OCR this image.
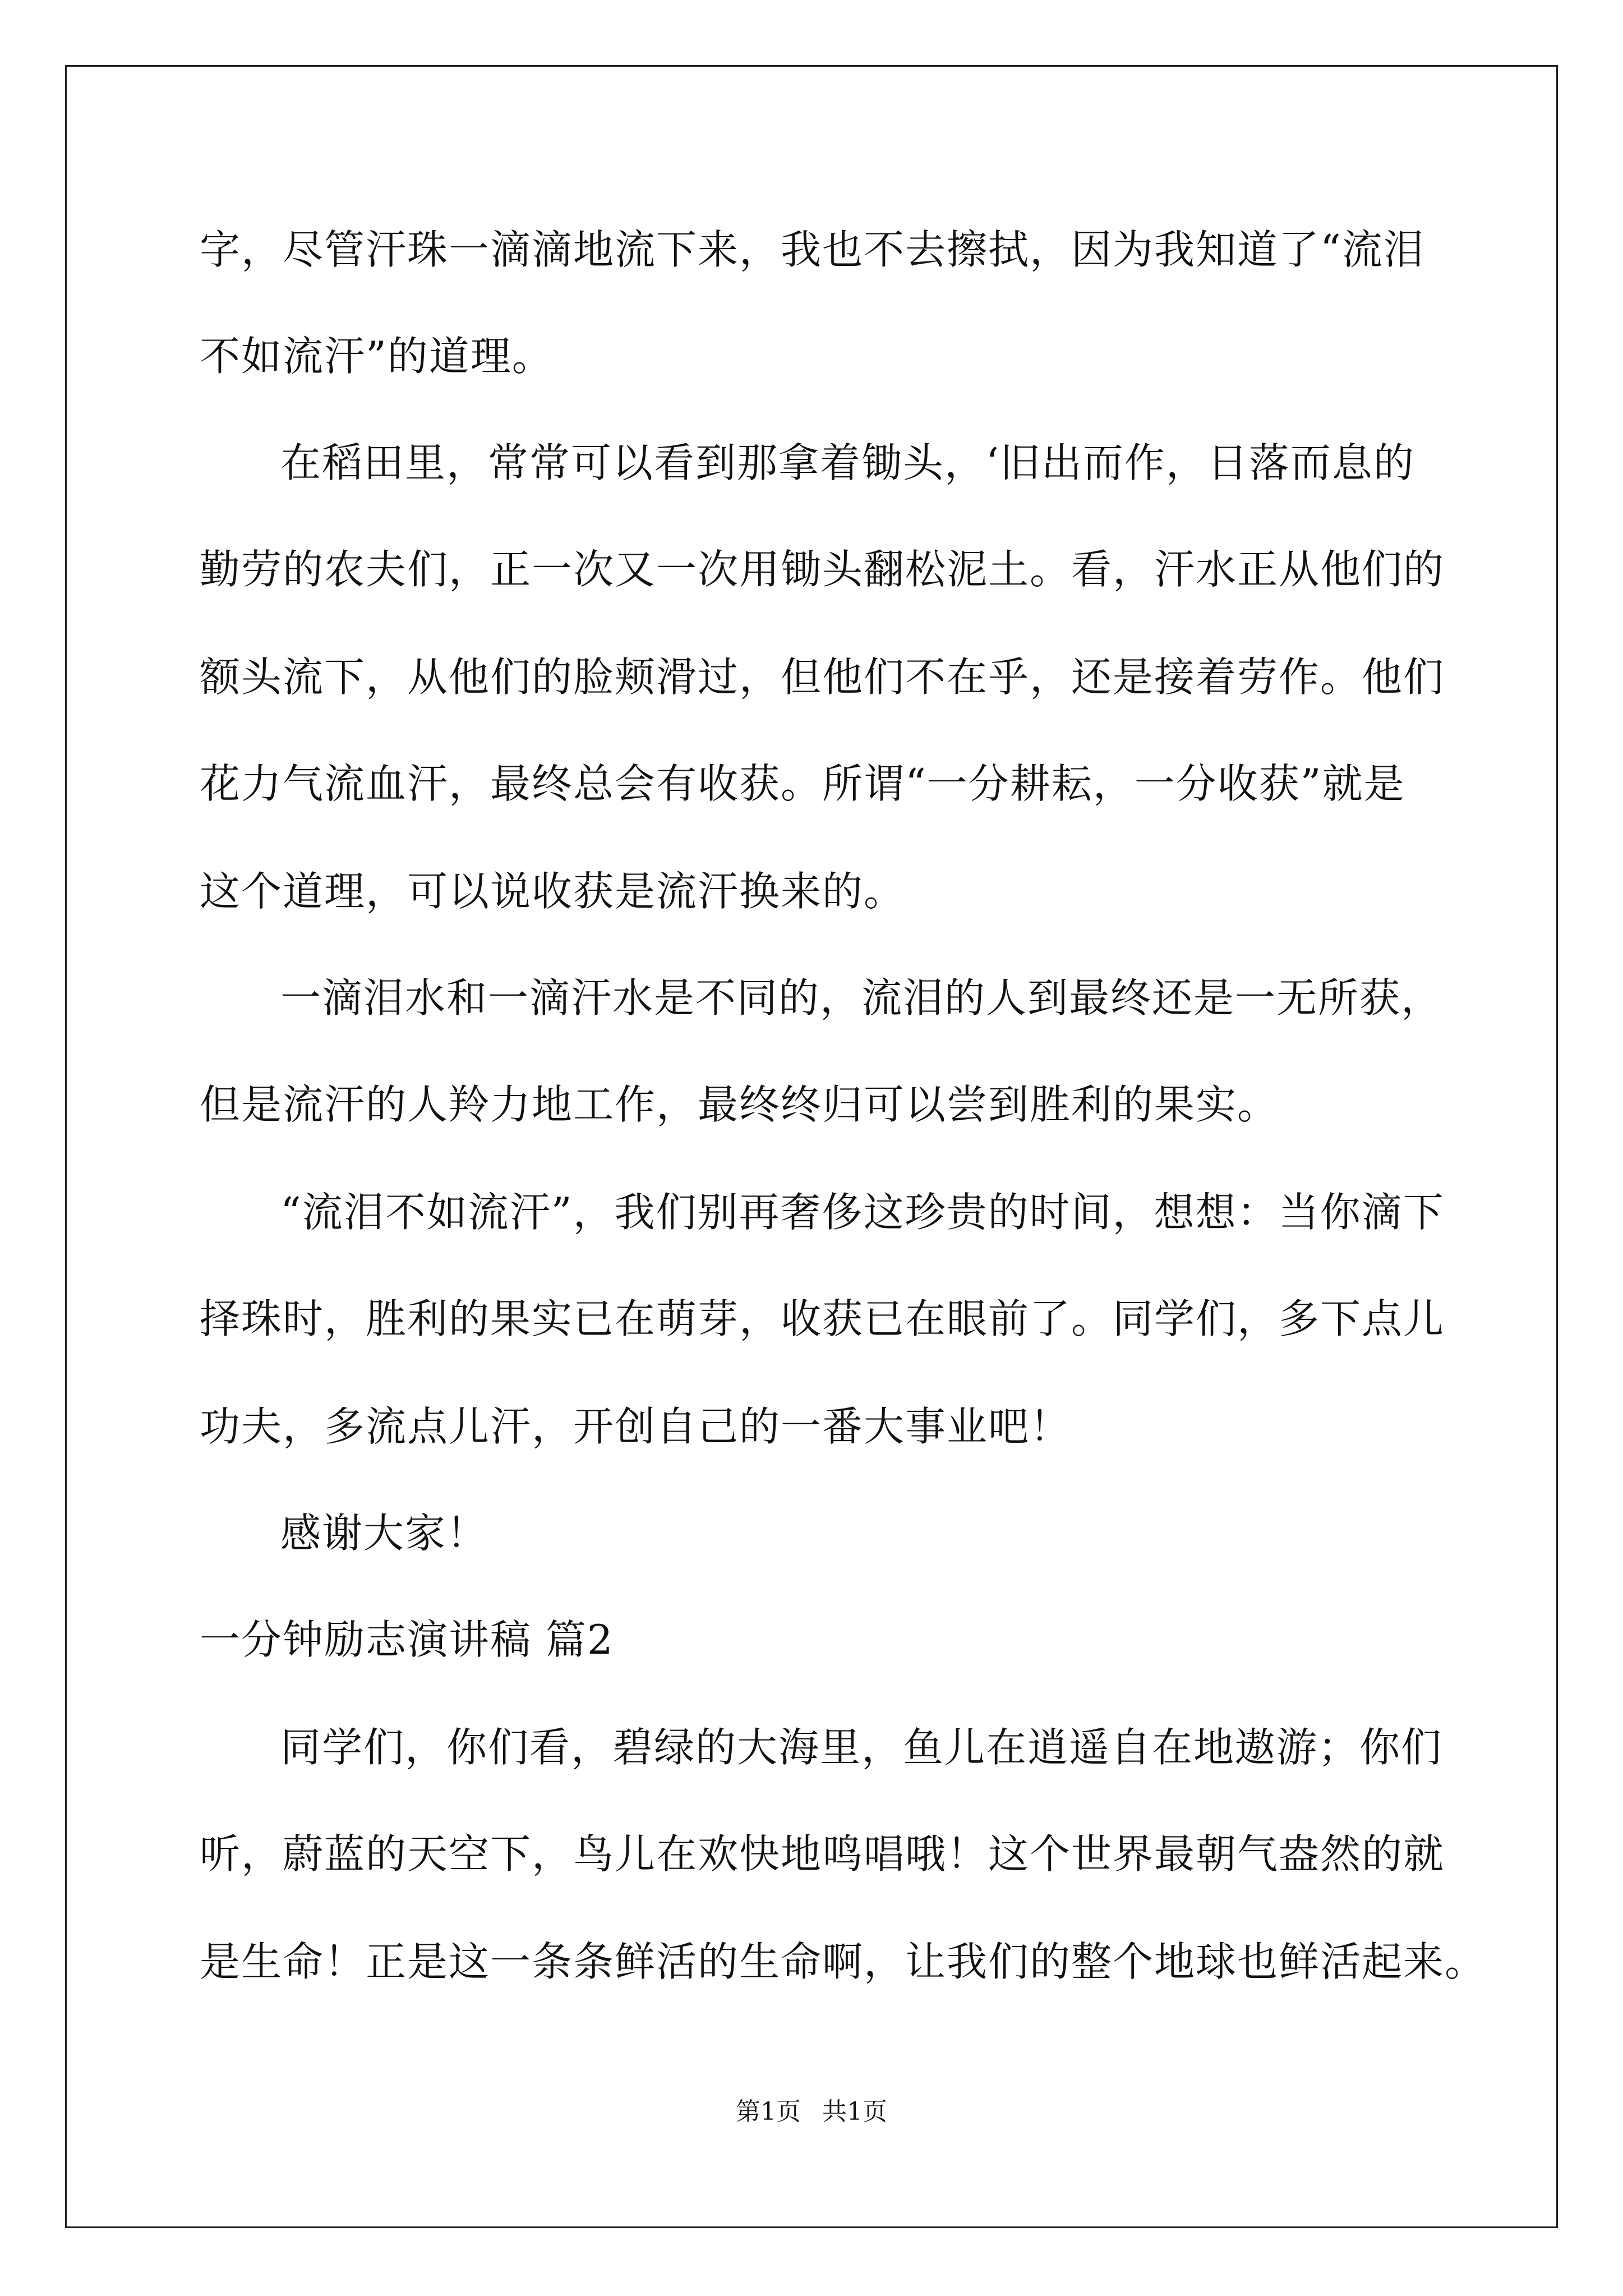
字，尽管汗珠一滴滴地流下来，我也不去擦拭，因为我知道了“流泪
不如流汗”的道理。
在稻田里，常常可以看到那拿着锄头，‘旧出而作，日落而息的
勤劳的农夫们，正一次又一次用锄头翻松泥土。看，汗水正从他们的
额头流下，从他们的脸颊滑过，但他们不在乎，还是接着劳作。他们
花力气流血汗，最终总会有收获。所谓“一分耕耘，一分收获”就是
这个道理，可以说收获是流汗换来的。
一滴泪水和一滴汗水是不同的，流泪的人到最终还是一无所获，
但是流汗的人羚力地工作，最终终归可以尝到胜利的果实。
“流泪不如流汗”，我们别再奢侈这珍贵的时间，想想：当你滴下
择珠时，胜利的果实已在萌芽，收获已在眼前了。同学们，多下点儿
功夫，多流点儿汗，开创自己的一番大事业吧！
感谢大家！
一分钟励志演讲稿 篇2
同学们，你们看，碧绿的大海里，鱼儿在逍遥自在地遨游；你们
听，蔚蓝的天空下，鸟儿在欢快地鸣唱哦！这个世界最朝气盎然的就
是生命！正是这一条条鲜活的生命啊，让我们的整个地球也鲜活起来。
第1页 共1页
